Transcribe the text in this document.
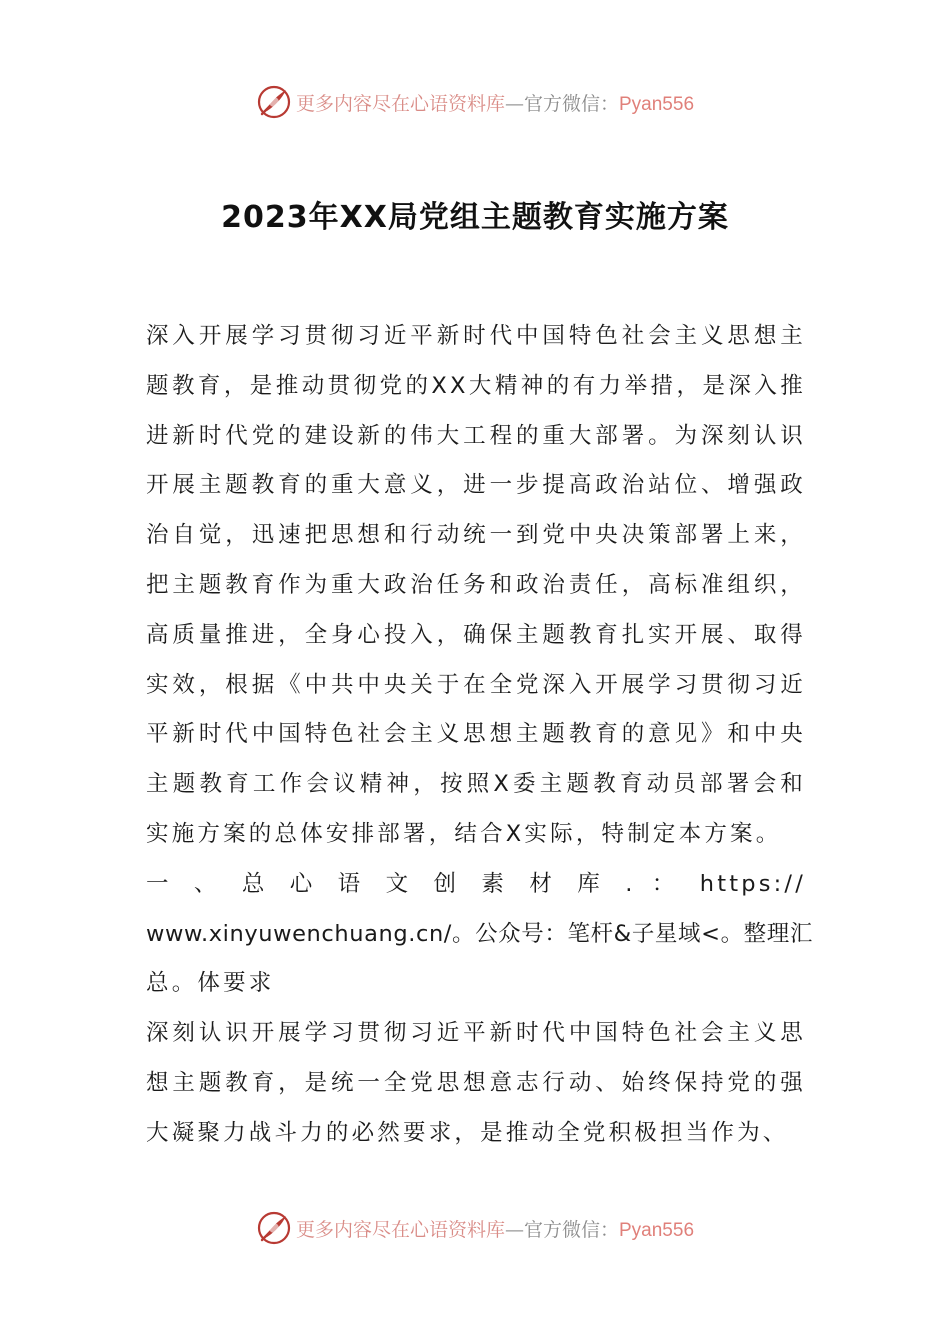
更多内容尽在心语资料库—官方微信：Pyan556
2023年XX局党组主题教育实施方案

深入开展学习贯彻习近平新时代中国特色社会主义思想主题教育，是推动贯彻党的XX大精神的有力举措，是深入推进新时代党的建设新的伟大工程的重大部署。为深刻认识开展主题教育的重大意义，进一步提高政治站位、增强政治自觉，迅速把思想和行动统一到党中央决策部署上来，把主题教育作为重大政治任务和政治责任，高标准组织，高质量推进，全身心投入，确保主题教育扎实开展、取得实效，根据《中共中央关于在全党深入开展学习贯彻习近平新时代中国特色社会主义思想主题教育的意见》和中央主题教育工作会议精神，按照X委主题教育动员部署会和实施方案的总体安排部署，结合X实际，特制定本方案。

一 、 总 心 语 文 创 素 材 库 . ： https://

www.xinyuwenchuang.cn/。公众号：笔杆&子星域<。整理汇

总。体要求

深刻认识开展学习贯彻习近平新时代中国特色社会主义思想主题教育，是统一全党思想意志行动、始终保持党的强大凝聚力战斗力的必然要求，是推动全党积极担当作为、

更多内容尽在心语资料库—官方微信：Pyan556
